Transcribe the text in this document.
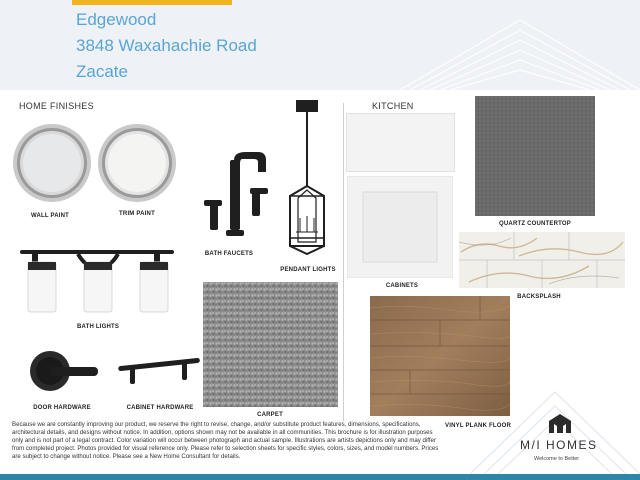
Edgewood
3848 Waxahachie Road
Zacate
HOME FINISHES	KITCHEN
WALL PAINT	TRIM PAINT
BATH FAUCETS
PENDANT LIGHTS
BATH LIGHTS
DOOR HARDWARE	CABINET HARDWARE
CARPET
CABINETS
QUARTZ COUNTERTOP
BACKSPLASH
VINYL PLANK FLOOR
Because we are constantly improving our product, we reserve the right to revise, change, and/or substitute product features, dimensions, specifications, architectural details, and designs without notice. In addition, options shown may not be available in all communities. This brochure is for illustration purposes only and is not part of a legal contract. Color variation will occur between photograph and actual sample. Illustrations are artists depictions only and may differ from completed project. Photos provided for visual reference only. Please refer to selection sheets for specific styles, colors, sizes, and model numbers. Prices are subject to change without notice. Please see a New Home Consultant for details.
M/I HOMES
Welcome to Better
